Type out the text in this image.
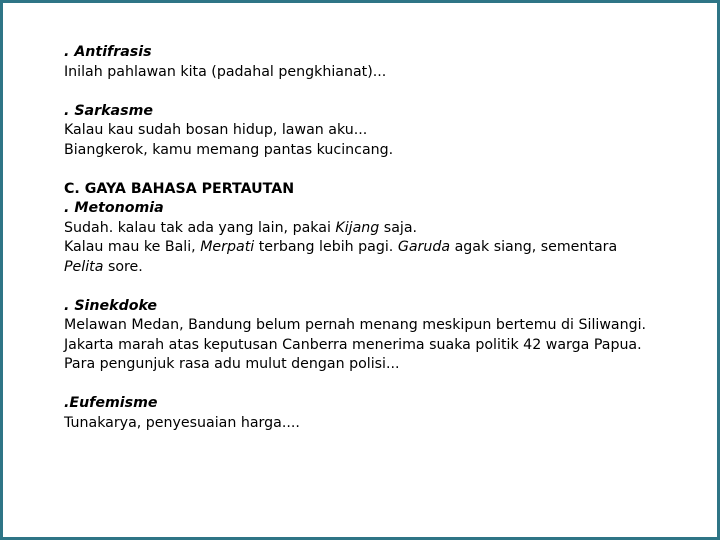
. Antifrasis
Inilah pahlawan kita (padahal pengkhianat)...
. Sarkasme
Kalau kau sudah bosan hidup, lawan aku...
Biangkerok, kamu memang pantas kucincang.
C. GAYA BAHASA PERTAUTAN
. Metonomia
Sudah. kalau tak ada yang lain, pakai Kijang saja.
Kalau mau ke Bali, Merpati terbang lebih pagi. Garuda agak siang, sementara
Pelita sore.
. Sinekdoke
Melawan Medan, Bandung belum pernah menang meskipun bertemu di Siliwangi.
Jakarta marah atas keputusan Canberra menerima suaka politik 42 warga Papua.
Para pengunjuk rasa adu mulut dengan polisi...
.Eufemisme
Tunakarya, penyesuaian harga....
